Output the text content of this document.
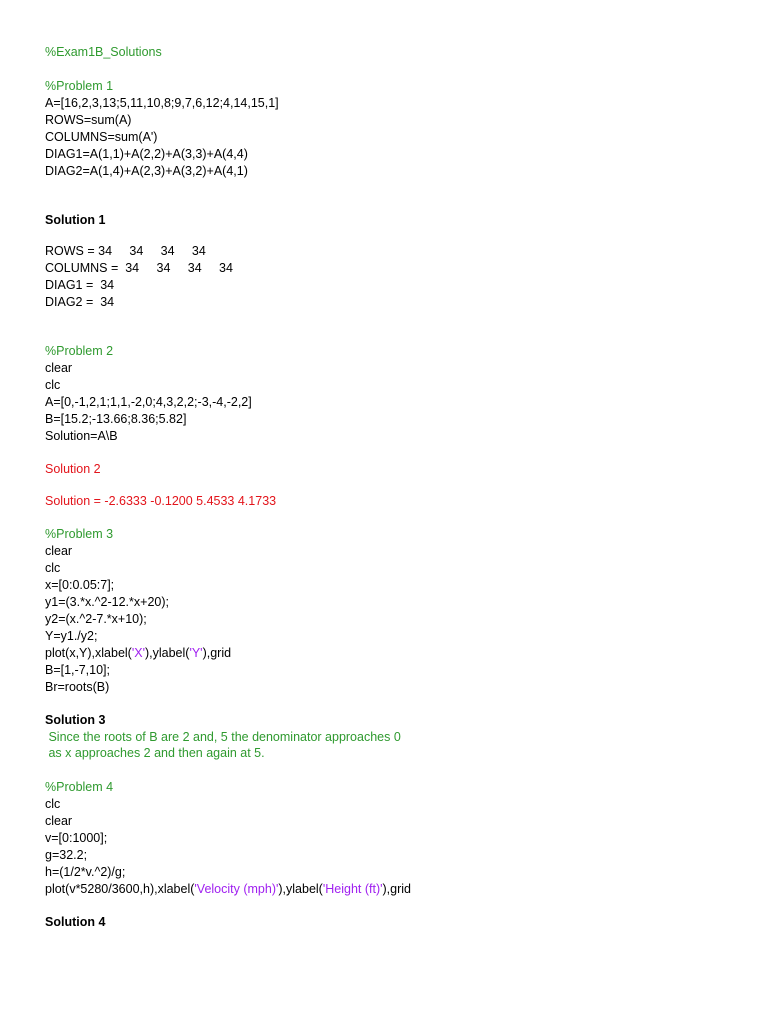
%Exam1B_Solutions
%Problem 1
A=[16,2,3,13;5,11,10,8;9,7,6,12;4,14,15,1]
ROWS=sum(A)
COLUMNS=sum(A')
DIAG1=A(1,1)+A(2,2)+A(3,3)+A(4,4)
DIAG2=A(1,4)+A(2,3)+A(3,2)+A(4,1)
Solution 1
ROWS = 34     34     34     34
COLUMNS =  34     34     34     34
DIAG1 =  34
DIAG2 =  34
%Problem 2
clear
clc
A=[0,-1,2,1;1,1,-2,0;4,3,2,2;-3,-4,-2,2]
B=[15.2;-13.66;8.36;5.82]
Solution=A\B
Solution 2
Solution = -2.6333 -0.1200 5.4533 4.1733
%Problem 3
clear
clc
x=[0:0.05:7];
y1=(3.*x.^2-12.*x+20);
y2=(x.^2-7.*x+10);
Y=y1./y2;
plot(x,Y),xlabel('X'),ylabel('Y'),grid
B=[1,-7,10];
Br=roots(B)
Solution 3
Since the roots of B are 2 and, 5 the denominator approaches 0
as x approaches 2 and then again at 5.
%Problem 4
clc
clear
v=[0:1000];
g=32.2;
h=(1/2*v.^2)/g;
plot(v*5280/3600,h),xlabel('Velocity (mph)'),ylabel('Height (ft)'),grid
Solution 4
